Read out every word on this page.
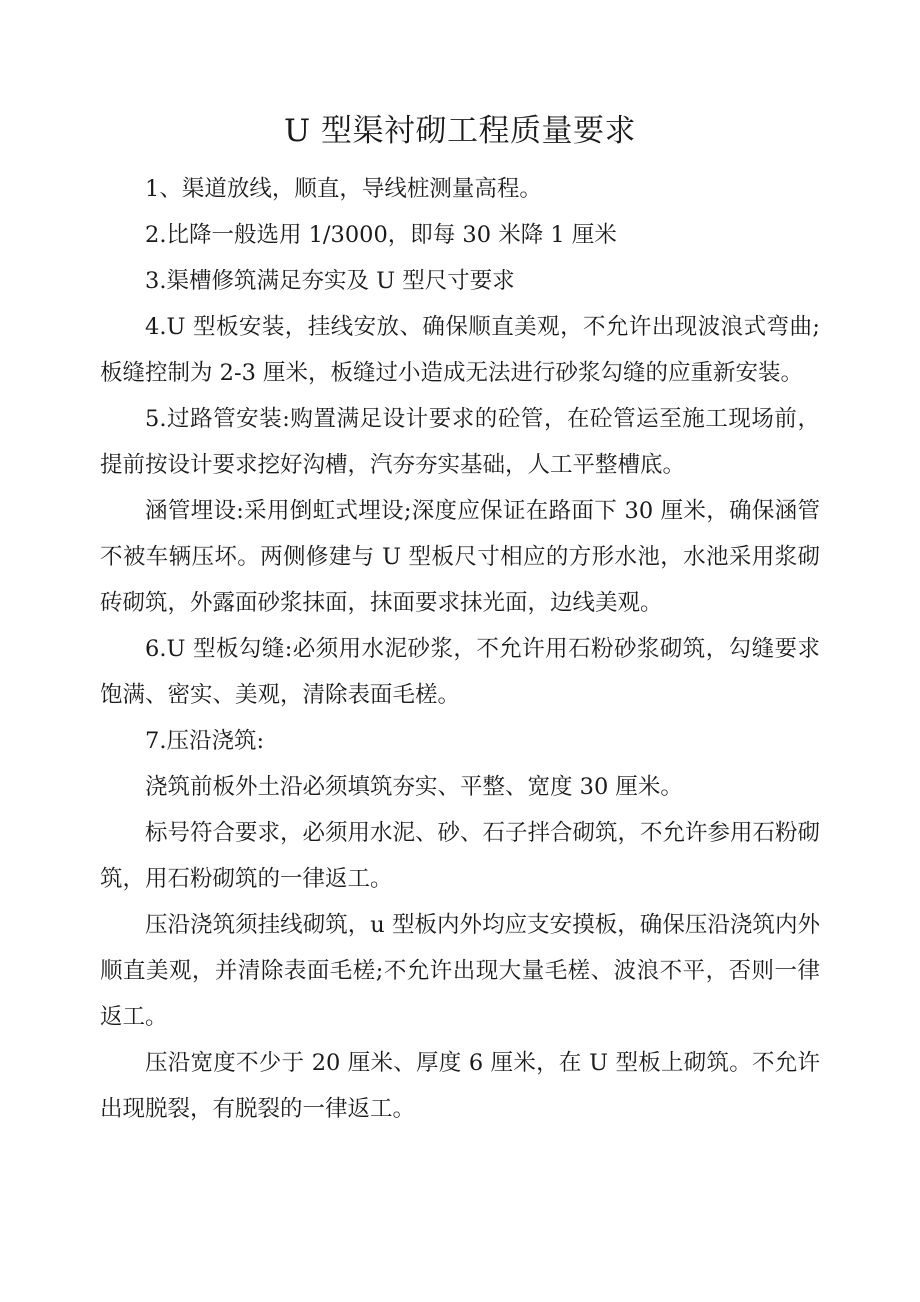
U 型渠衬砌工程质量要求

1、渠道放线，顺直，导线桩测量高程。

2.比降一般选用 1/3000，即每 30 米降 1 厘米

3.渠槽修筑满足夯实及 U 型尺寸要求

4.U 型板安装，挂线安放、确保顺直美观，不允许出现波浪式弯曲;板缝控制为 2-3 厘米，板缝过小造成无法进行砂浆勾缝的应重新安装。

5.过路管安装:购置满足设计要求的砼管，在砼管运至施工现场前，提前按设计要求挖好沟槽，汽夯夯实基础，人工平整槽底。

涵管埋设:采用倒虹式埋设;深度应保证在路面下 30 厘米，确保涵管不被车辆压坏。两侧修建与 U 型板尺寸相应的方形水池，水池采用浆砌砖砌筑，外露面砂浆抹面，抹面要求抹光面，边线美观。

6.U 型板勾缝:必须用水泥砂浆，不允许用石粉砂浆砌筑，勾缝要求饱满、密实、美观，清除表面毛槎。

7.压沿浇筑:

浇筑前板外土沿必须填筑夯实、平整、宽度 30 厘米。

标号符合要求，必须用水泥、砂、石子拌合砌筑，不允许参用石粉砌筑，用石粉砌筑的一律返工。

压沿浇筑须挂线砌筑，u 型板内外均应支安摸板，确保压沿浇筑内外顺直美观，并清除表面毛槎;不允许出现大量毛槎、波浪不平，否则一律返工。

压沿宽度不少于 20 厘米、厚度 6 厘米，在 U 型板上砌筑。不允许出现脱裂，有脱裂的一律返工。
